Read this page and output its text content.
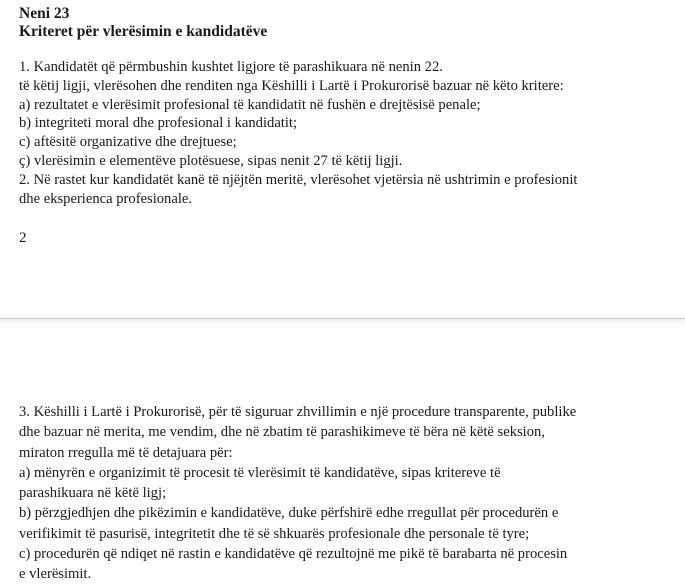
Neni 23
Kriteret për vlerësimin e kandidatëve
1. Kandidatët që përmbushin kushtet ligjore të parashikuara në nenin 22.
të këtij ligji, vlerësohen dhe renditen nga Këshilli i Lartë i Prokurorisë bazuar në këto kritere:
a) rezultatet e vlerësimit profesional të kandidatit në fushën e drejtësisë penale;
b) integriteti moral dhe profesional i kandidatit;
c) aftësitë organizative dhe drejtuese;
ç) vlerësimin e elementëve plotësuese, sipas nenit 27 të këtij ligji.
2. Në rastet kur kandidatët kanë të njëjtën meritë, vlerësohet vjetërsia në ushtrimin e profesionit
dhe eksperienca profesionale.
2
3. Këshilli i Lartë i Prokurorisë, për të siguruar zhvillimin e një procedure transparente, publike
dhe bazuar në merita, me vendim, dhe në zbatim të parashikimeve të bëra në këtë seksion,
miraton rregulla më të detajuara për:
a) mënyrën e organizimit të procesit të vlerësimit të kandidatëve, sipas kritereve të
parashikuara në këtë ligj;
b) përzgjedhjen dhe pikëzimin e kandidatëve, duke përfshirë edhe rregullat për procedurën e
verifikimit të pasurisë, integritetit dhe të së shkuarës profesionale dhe personale të tyre;
c) procedurën që ndiqet në rastin e kandidatëve që rezultojnë me pikë të barabarta në procesin
e vlerësimit.
